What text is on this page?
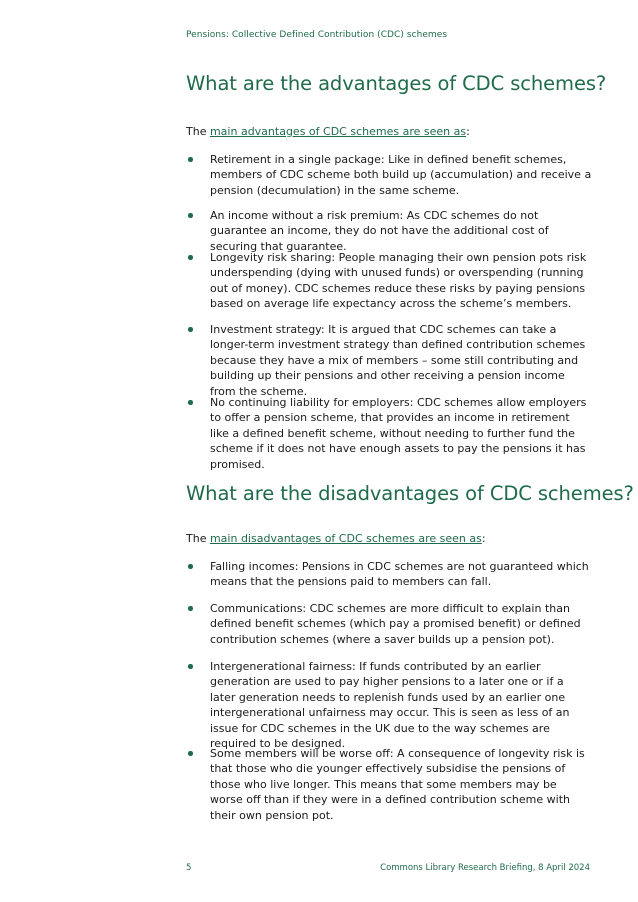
Pensions: Collective Defined Contribution (CDC) schemes
What are the advantages of CDC schemes?

The main advantages of CDC schemes are seen as:

Retirement in a single package: Like in defined benefit schemes, members of CDC scheme both build up (accumulation) and receive a pension (decumulation) in the same scheme.
An income without a risk premium: As CDC schemes do not guarantee an income, they do not have the additional cost of securing that guarantee.
Longevity risk sharing: People managing their own pension pots risk underspending (dying with unused funds) or overspending (running out of money). CDC schemes reduce these risks by paying pensions based on average life expectancy across the scheme’s members.
Investment strategy: It is argued that CDC schemes can take a longer-term investment strategy than defined contribution schemes because they have a mix of members – some still contributing and building up their pensions and other receiving a pension income from the scheme.
No continuing liability for employers: CDC schemes allow employers to offer a pension scheme, that provides an income in retirement like a defined benefit scheme, without needing to further fund the scheme if it does not have enough assets to pay the pensions it has promised.
What are the disadvantages of CDC schemes?

The main disadvantages of CDC schemes are seen as:

Falling incomes: Pensions in CDC schemes are not guaranteed which means that the pensions paid to members can fall.
Communications: CDC schemes are more difficult to explain than defined benefit schemes (which pay a promised benefit) or defined contribution schemes (where a saver builds up a pension pot).
Intergenerational fairness: If funds contributed by an earlier generation are used to pay higher pensions to a later one or if a later generation needs to replenish funds used by an earlier one intergenerational unfairness may occur. This is seen as less of an issue for CDC schemes in the UK due to the way schemes are required to be designed.
Some members will be worse off: A consequence of longevity risk is that those who die younger effectively subsidise the pensions of those who live longer. This means that some members may be worse off than if they were in a defined contribution scheme with their own pension pot.
5	Commons Library Research Briefing, 8 April 2024
